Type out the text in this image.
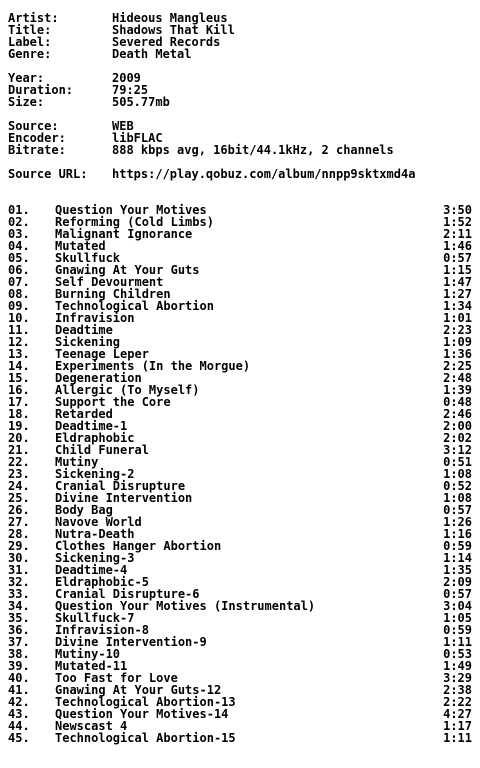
Artist:

	Hideous Mangleus

Title:

	Shadows That Kill

Label:

	Severed Records

Genre:

	Death Metal

Year:

	2009

Duration:

	79:25

Size:

	505.77mb

Source:

	WEB

Encoder:

	libFLAC

Bitrate:

	888 kbps avg, 16bit/44.1kHz, 2 channels

Source URL:

https://play.qobuz.com/album/nnpp9sktxmd4a

01. Question Your Motives	3:50
02. Reforming (Cold Limbs)	1:52
03. Malignant Ignorance	2:11
04. Mutated	1:46
05. Skullfuck	0:57
06. Gnawing At Your Guts	1:15
07. Self Devourment	1:47
08. Burning Children	1:27
09. Technological Abortion	1:34
10. Infravision	1:01
11. Deadtime	2:23
12. Sickening	1:09
13. Teenage Leper	1:36
14. Experiments (In the Morgue)	2:25
15. Degeneration	2:48
16. Allergic (To Myself)	1:39
17. Support the Core	0:48
18. Retarded	2:46
19. Deadtime-1	2:00
20. Eldraphobic	2:02
21. Child Funeral	3:12
22. Mutiny	0:51
23. Sickening-2	1:08
24. Cranial Disrupture	0:52
25. Divine Intervention	1:08
26. Body Bag	0:57
27. Navove World	1:26
28. Nutra-Death	1:16
29. Clothes Hanger Abortion	0:59
30. Sickening-3	1:14
31. Deadtime-4	1:35
32. Eldraphobic-5	2:09
33. Cranial Disrupture-6	0:57
34. Question Your Motives (Instrumental)	3:04
35. Skullfuck-7	1:05
36. Infravision-8	0:59
37. Divine Intervention-9	1:11
38. Mutiny-10	0:53
39. Mutated-11	1:49
40. Too Fast for Love	3:29
41. Gnawing At Your Guts-12	2:38
42. Technological Abortion-13	2:22
43. Question Your Motives-14	4:27
44. Newscast 4	1:17
45. Technological Abortion-15	1:11
